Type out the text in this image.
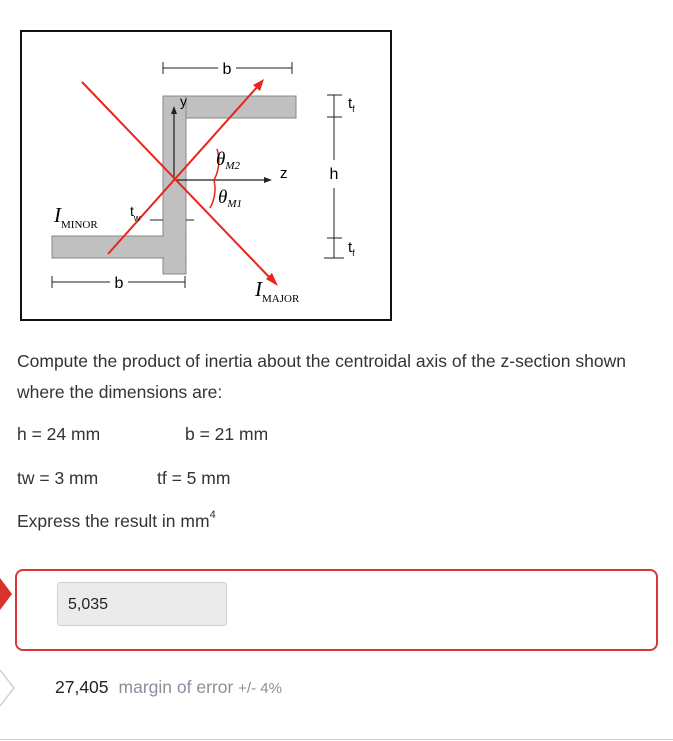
b
y
z
$\theta_{M2}$
$\theta_{M1}$
$t_w$
$I_{MINOR}$
b	$I_{MAJOR}$
$t_f$
h
$t_f$
Compute the product of inertia about the centroidal axis of the z-section shown where the dimensions are:
h = 24 mm	b = 21 mm
tw = 3 mm	tf = 5 mm
Express the result in $mm^4$
5,035
27,405 margin of error +/- 4%
